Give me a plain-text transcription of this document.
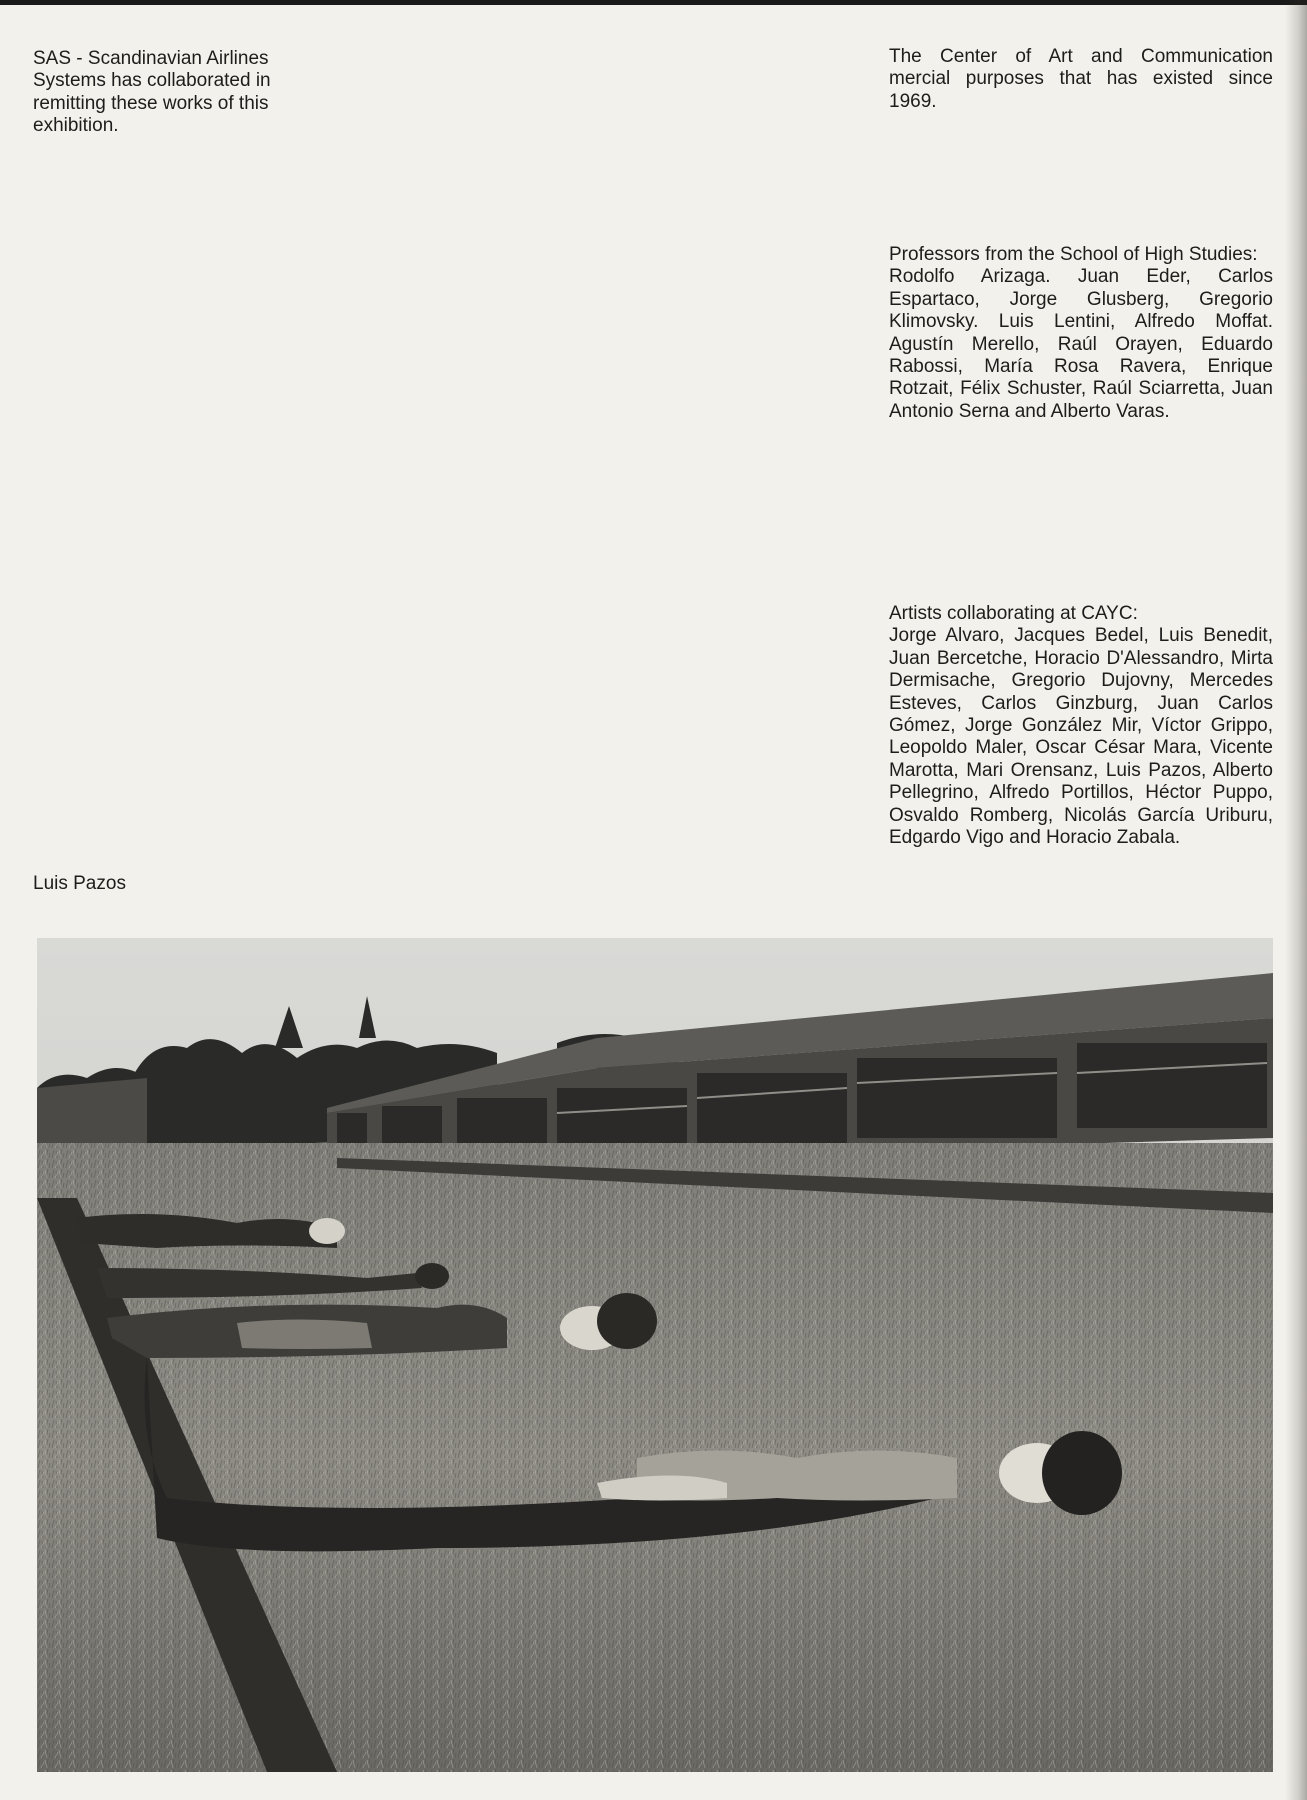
SAS - Scandinavian Airlines Systems has collaborated in remitting these works of this exhibition.

The Center of Art and Communication mercial purposes that has existed since 1969.

Professors from the School of High Studies:

Rodolfo Arizaga. Juan Eder, Carlos Espartaco, Jorge Glusberg, Gregorio Klimovsky. Luis Lentini, Alfredo Moffat. Agustín Merello, Raúl Orayen, Eduardo Rabossi, María Rosa Ravera, Enrique Rotzait, Félix Schuster, Raúl Sciarretta, Juan Antonio Serna and Alberto Varas.

Artists collaborating at CAYC:

Jorge Alvaro, Jacques Bedel, Luis Benedit, Juan Bercetche, Horacio D'Alessandro, Mirta Dermisache, Gregorio Dujovny, Mercedes Esteves, Carlos Ginzburg, Juan Carlos Gómez, Jorge González Mir, Víctor Grippo, Leopoldo Maler, Oscar César Mara, Vicente Marotta, Mari Orensanz, Luis Pazos, Alberto Pellegrino, Alfredo Portillos, Héctor Puppo, Osvaldo Romberg, Nicolás García Uriburu, Edgardo Vigo and Horacio Zabala.

Luis Pazos
